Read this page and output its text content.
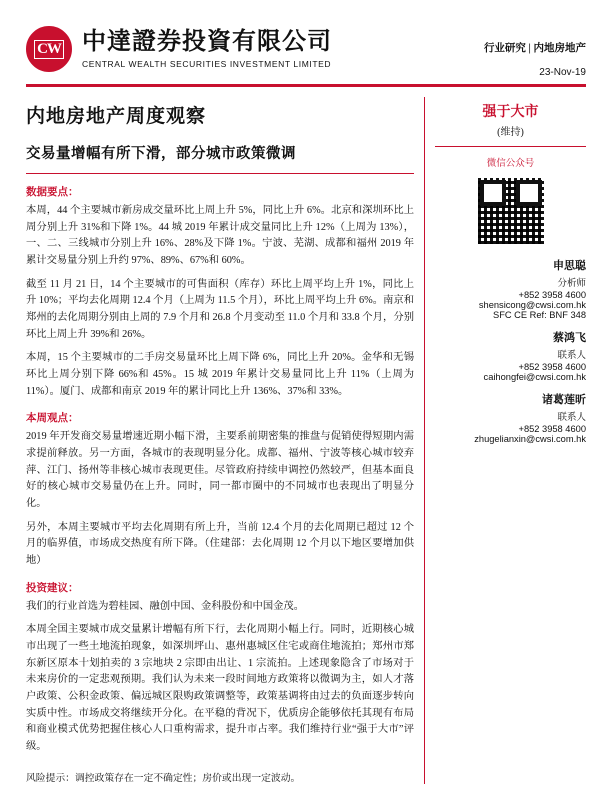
CW 中達證券投資有限公司
CENTRAL WEALTH SECURITIES INVESTMENT LIMITED
行业研究 | 内地房地产
23-Nov-19
内地房地产周度观察
交易量增幅有所下滑，部分城市政策微调
数据要点：

本周，44 个主要城市新房成交量环比上周上升 5%，同比上升 6%。北京和深圳环比上周分别上升 31%和下降 1%。44 城 2019 年累计成交量同比上升 12%（上周为 13%），一、二、三线城市分别上升 16%、28%及下降 1%。宁波、芜湖、成都和福州 2019 年累计交易量分别上升约 97%、89%、67%和 60%。

截至 11 月 21 日，14 个主要城市的可售面积（库存）环比上周平均上升 1%，同比上升 10%；平均去化周期 12.4 个月（上周为 11.5 个月），环比上周平均上升 6%。南京和郑州的去化周期分别由上周的 7.9 个月和 26.8 个月变动至 11.0 个月和 33.8 个月，分别环比上周上升 39%和 26%。

本周，15 个主要城市的二手房交易量环比上周下降 6%，同比上升 20%。金华和无锡环比上周分别下降 66%和 45%。15 城 2019 年累计交易量同比上升 11%（上周为 11%）。厦门、成都和南京 2019 年的累计同比上升 136%、37%和 33%。

本周观点：

2019 年开发商交易量增速近期小幅下滑，主要系前期密集的推盘与促销使得短期内需求提前释放。另一方面，各城市的表现明显分化。成都、福州、宁波等核心城市较弃萍、江门、扬州等非核心城市表现更佳。尽管政府持续申调控仍然较严，但基本面良好的核心城市交易量仍在上升。同时，同一都市圈中的不同城市也表现出了明显分化。

另外，本周主要城市平均去化周期有所上升，当前 12.4 个月的去化周期已超过 12 个月的临界值，市场成交热度有所下降。（住建部：去化周期 12 个月以下地区要增加供地）

投资建议：

我们的行业首选为碧桂园、融创中国、金科股份和中国金茂。

本周全国主要城市成交量累计增幅有所下行，去化周期小幅上行。同时，近期核心城市出现了一些土地流拍现象，如深圳坪山、惠州惠城区住宅或商住地流拍；郑州市郑东新区原本十划拍卖的 3 宗地块 2 宗即由出让、1 宗流拍。上述现象隐含了市场对于未来房价的一定悲观预期。我们认为未来一段时间地方政策将以微调为主，如人才落户政策、公积金政策、偏远城区限购政策调整等，政策基调将由过去的负面逐步转向实质中性。市场成交将继续开分化。在平稳的背况下，优质房企能够依托其现有布局和商业模式优势把握住核心人口重构需求，提升市占率。我们维持行业“强于大市”评级。

风险提示：调控政策存在一定不确定性；房价或出现一定波动。
强于大市
(维持)
微信公众号
申思聪
分析师
+852 3958 4600
shensicong@cwsi.com.hk
SFC CE Ref: BNF 348
蔡鸿飞
联系人
+852 3958 4600
caihongfei@cwsi.com.hk
诸葛莲昕
联系人
+852 3958 4600
zhugelianxin@cwsi.com.hk
